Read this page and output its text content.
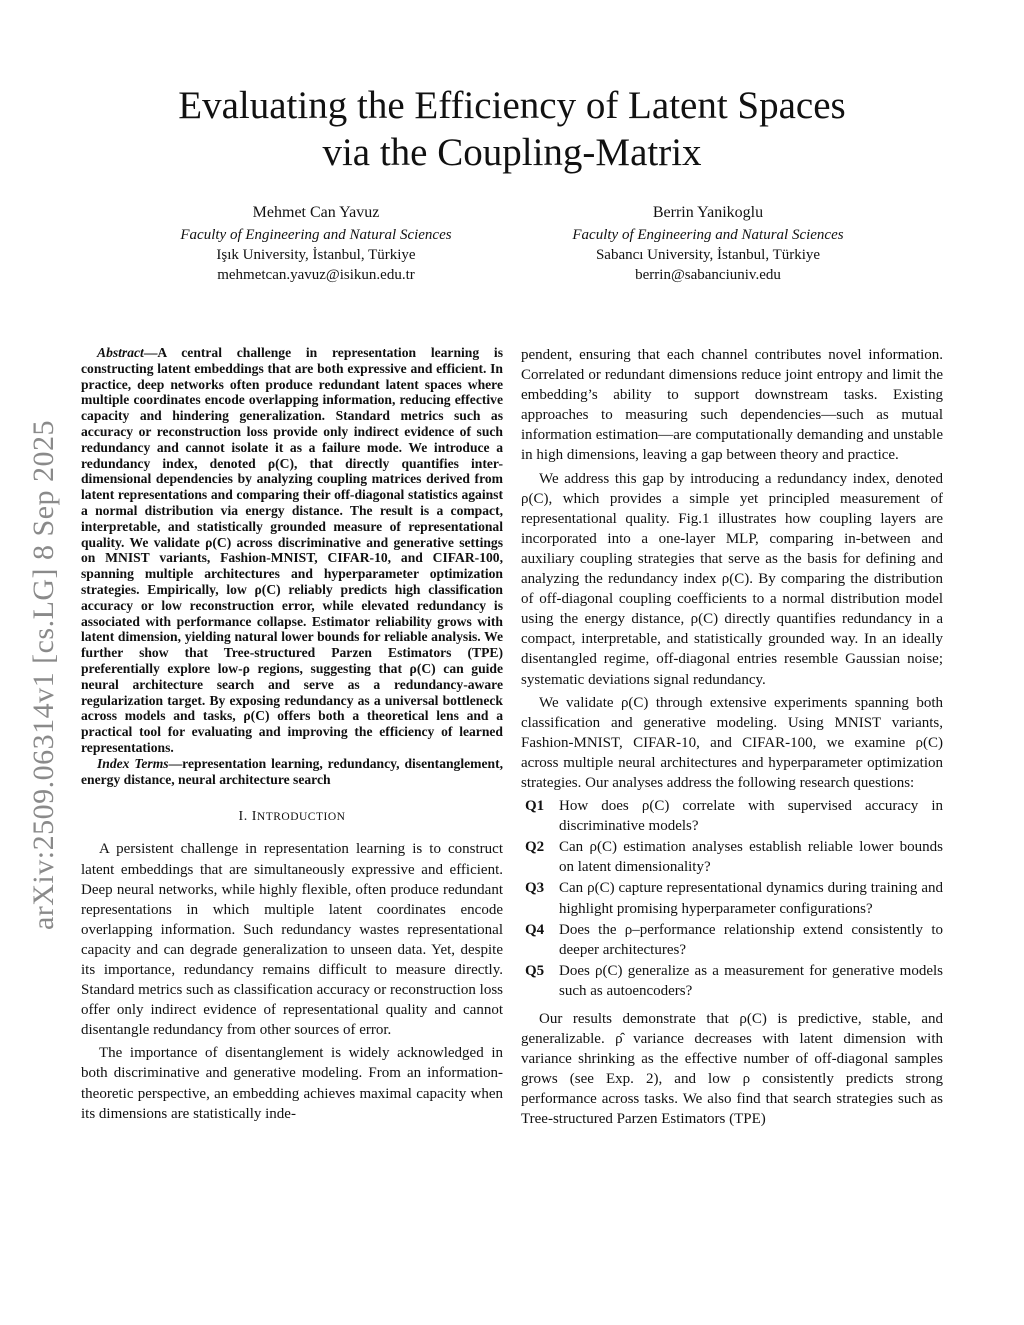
arXiv:2509.06314v1 [cs.LG] 8 Sep 2025
Evaluating the Efficiency of Latent Spaces
via the Coupling-Matrix
Mehmet Can Yavuz
Faculty of Engineering and Natural Sciences
Işık University, İstanbul, Türkiye
mehmetcan.yavuz@isikun.edu.tr
Berrin Yanikoglu
Faculty of Engineering and Natural Sciences
Sabancı University, İstanbul, Türkiye
berrin@sabanciuniv.edu

Abstract—A central challenge in representation learning is constructing latent embeddings that are both expressive and efficient. In practice, deep networks often produce redundant latent spaces where multiple coordinates encode overlapping information, reducing effective capacity and hindering generalization. Standard metrics such as accuracy or reconstruction loss provide only indirect evidence of such redundancy and cannot isolate it as a failure mode. We introduce a redundancy index, denoted ρ(C), that directly quantifies inter-dimensional dependencies by analyzing coupling matrices derived from latent representations and comparing their off-diagonal statistics against a normal distribution via energy distance. The result is a compact, interpretable, and statistically grounded measure of representational quality. We validate ρ(C) across discriminative and generative settings on MNIST variants, Fashion-MNIST, CIFAR-10, and CIFAR-100, spanning multiple architectures and hyperparameter optimization strategies. Empirically, low ρ(C) reliably predicts high classification accuracy or low reconstruction error, while elevated redundancy is associated with performance collapse. Estimator reliability grows with latent dimension, yielding natural lower bounds for reliable analysis. We further show that Tree-structured Parzen Estimators (TPE) preferentially explore low-ρ regions, suggesting that ρ(C) can guide neural architecture search and serve as a redundancy-aware regularization target. By exposing redundancy as a universal bottleneck across models and tasks, ρ(C) offers both a theoretical lens and a practical tool for evaluating and improving the efficiency of learned representations.

Index Terms—representation learning, redundancy, disentanglement, energy distance, neural architecture search

I. INTRODUCTION

A persistent challenge in representation learning is to construct latent embeddings that are simultaneously expressive and efficient. Deep neural networks, while highly flexible, often produce redundant representations in which multiple latent coordinates encode overlapping information. Such redundancy wastes representational capacity and can degrade generalization to unseen data. Yet, despite its importance, redundancy remains difficult to measure directly. Standard metrics such as classification accuracy or reconstruction loss offer only indirect evidence of representational quality and cannot disentangle redundancy from other sources of error.

The importance of disentanglement is widely acknowledged in both discriminative and generative modeling. From an information-theoretic perspective, an embedding achieves maximal capacity when its dimensions are statistically inde-

pendent, ensuring that each channel contributes novel information. Correlated or redundant dimensions reduce joint entropy and limit the embedding’s ability to support downstream tasks. Existing approaches to measuring such dependencies—such as mutual information estimation—are computationally demanding and unstable in high dimensions, leaving a gap between theory and practice.

We address this gap by introducing a redundancy index, denoted ρ(C), which provides a simple yet principled measurement of representational quality. Fig.1 illustrates how coupling layers are incorporated into a one-layer MLP, comparing in-between and auxiliary coupling strategies that serve as the basis for defining and analyzing the redundancy index ρ(C). By comparing the distribution of off-diagonal coupling coefficients to a normal distribution model using the energy distance, ρ(C) directly quantifies redundancy in a compact, interpretable, and statistically grounded way. In an ideally disentangled regime, off-diagonal entries resemble Gaussian noise; systematic deviations signal redundancy.

We validate ρ(C) through extensive experiments spanning both classification and generative modeling. Using MNIST variants, Fashion-MNIST, CIFAR-10, and CIFAR-100, we examine ρ(C) across multiple neural architectures and hyperparameter optimization strategies. Our analyses address the following research questions:

Q1 How does ρ(C) correlate with supervised accuracy in discriminative models?
Q2 Can ρ(C) estimation analyses establish reliable lower bounds on latent dimensionality?
Q3 Can ρ(C) capture representational dynamics during training and highlight promising hyperparameter configurations?
Q4 Does the ρ–performance relationship extend consistently to deeper architectures?
Q5 Does ρ(C) generalize as a measurement for generative models such as autoencoders?

Our results demonstrate that ρ(C) is predictive, stable, and generalizable. ρ̂ variance decreases with latent dimension with variance shrinking as the effective number of off-diagonal samples grows (see Exp. 2), and low ρ consistently predicts strong performance across tasks. We also find that search strategies such as Tree-structured Parzen Estimators (TPE)
